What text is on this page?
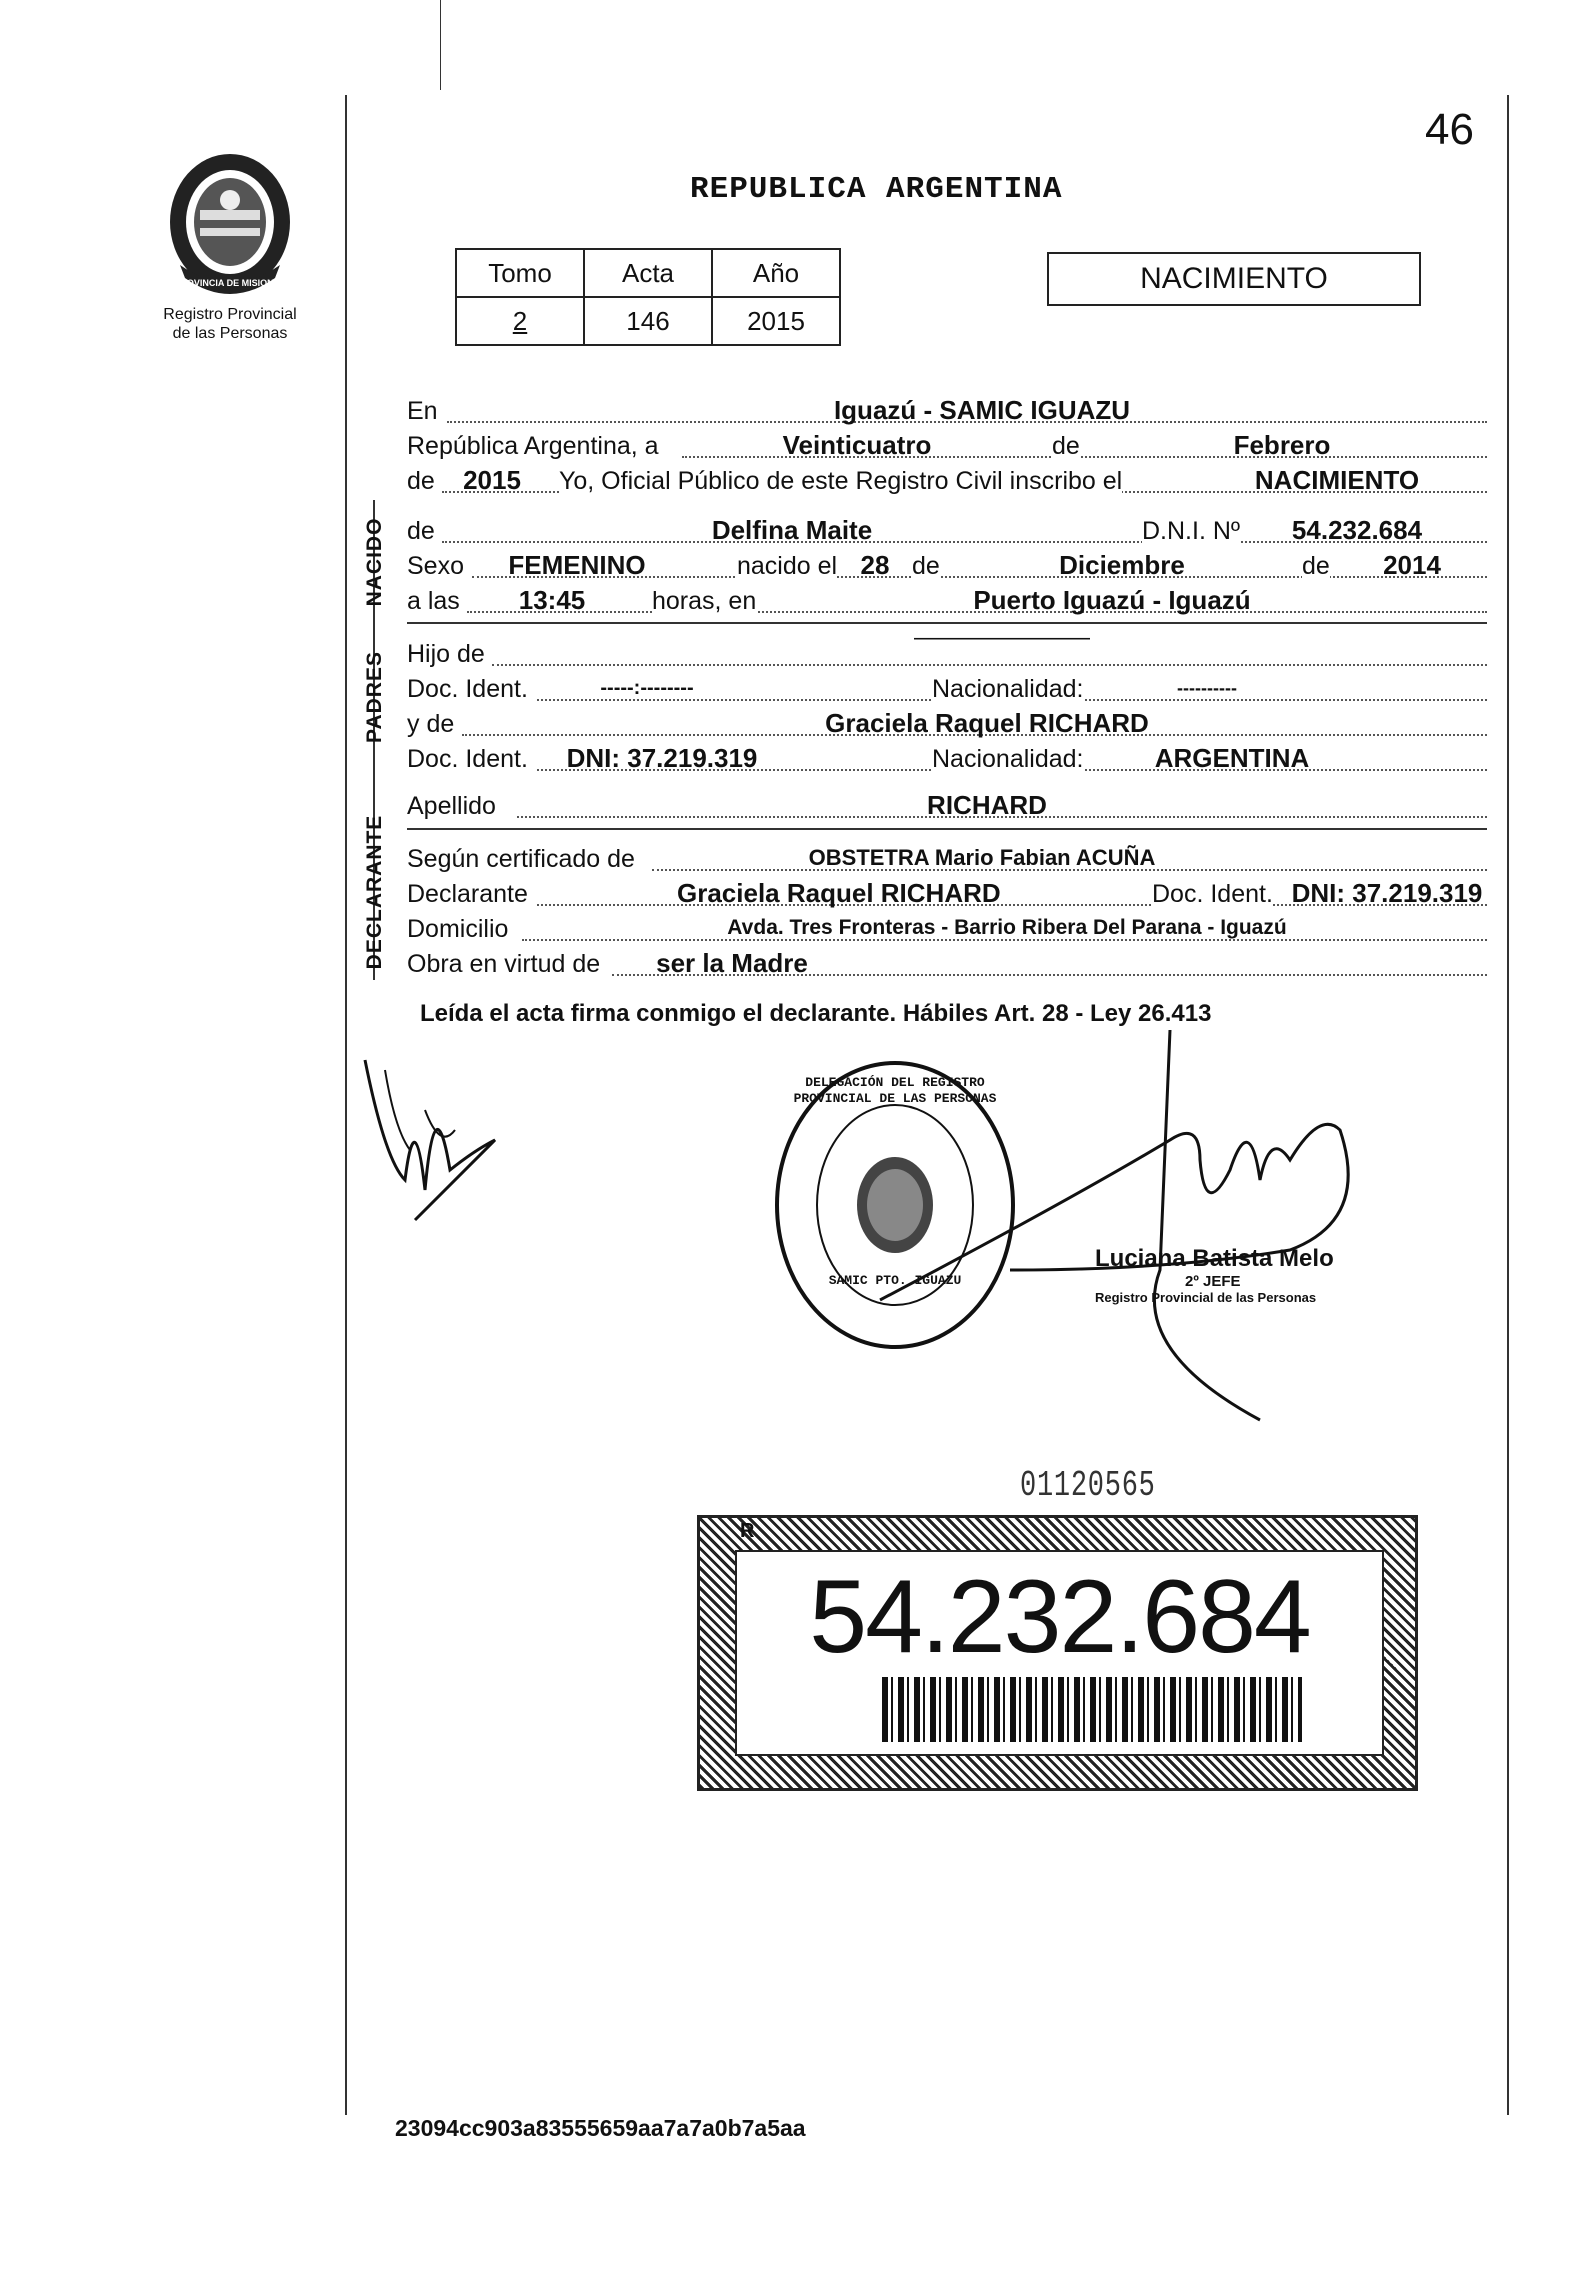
46
PROVINCIA DE MISIONES
Registro Provincial
de las Personas
REPUBLICA ARGENTINA
Tomo	Acta	Año
2	146	2015
NACIMIENTO
En	Iguazú - SAMIC IGUAZU
República Argentina, a	Veinticuatro	de	Febrero
de 2015 Yo, Oficial Público de este Registro Civil inscribo el	NACIMIENTO
NACIDO de	Delfina Maite	D.N.I. Nº	54.232.684
Sexo FEMENINO	nacido el 28 de	Diciembre	de	2014
a las 13:45	horas, en	Puerto Iguazú - Iguazú
PADRES Hijo de
———————————
Doc. Ident.	-----:--------	Nacionalidad:	----------
y de	Graciela Raquel RICHARD
Doc. Ident.	DNI: 37.219.319	Nacionalidad:	ARGENTINA
Apellido	RICHARD
DECLARANTE Según certificado de	OBSTETRA Mario Fabian ACUÑA
Declarante	Graciela Raquel RICHARD	Doc. Ident. DNI: 37.219.319
Domicilio	Avda. Tres Fronteras - Barrio Ribera Del Parana - Iguazú
Obra en virtud de	ser la Madre
Leída el acta firma conmigo el declarante. Hábiles Art. 28 - Ley 26.413
DELEGACIÓN DEL REGISTRO PROVINCIAL DE LAS PERSONAS
SAMIC PTO. IGUAZU
Luciana Batista Melo
2º JEFE
Registro Provincial de las Personas
01120565
54.232.684
R
23094cc903a83555659aa7a7a0b7a5aa
